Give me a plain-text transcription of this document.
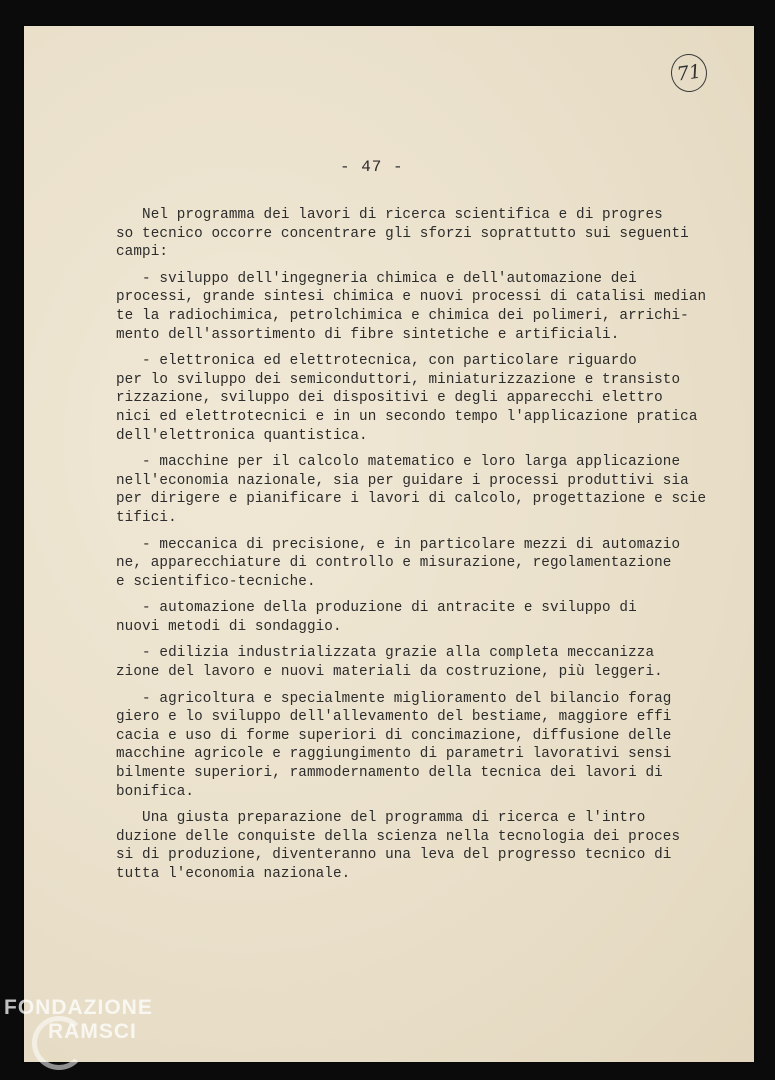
71
- 47 -
Nel programma dei lavori di ricerca scientifica e di progres
so tecnico occorre concentrare gli sforzi soprattutto sui seguenti
campi:
- sviluppo dell'ingegneria chimica e dell'automazione dei
processi, grande sintesi chimica e nuovi processi di catalisi median
te la radiochimica, petrolchimica e chimica dei polimeri, arrichi-
mento dell'assortimento di fibre sintetiche e artificiali.
- elettronica ed elettrotecnica, con particolare riguardo
per lo sviluppo dei semiconduttori, miniaturizzazione e transisto
rizzazione, sviluppo dei dispositivi e degli apparecchi elettro
nici ed elettrotecnici e in un secondo tempo l'applicazione pratica
dell'elettronica quantistica.
- macchine per il calcolo matematico e loro larga applicazione
nell'economia nazionale, sia per guidare i processi produttivi sia
per dirigere e pianificare i lavori di calcolo, progettazione e scie
tifici.
- meccanica di precisione, e in particolare mezzi di automazio
ne, apparecchiature di controllo e misurazione, regolamentazione
e scientifico-tecniche.
- automazione della produzione di antracite e sviluppo di
nuovi metodi di sondaggio.
- edilizia industrializzata grazie alla completa meccanizza
zione del lavoro e nuovi materiali da costruzione, più leggeri.
- agricoltura e specialmente miglioramento del bilancio forag
giero e lo sviluppo dell'allevamento del bestiame, maggiore effi
cacia e uso di forme superiori di concimazione, diffusione delle
macchine agricole e raggiungimento di parametri lavorativi sensi
bilmente superiori, rammodernamento della tecnica dei lavori di
bonifica.
Una giusta preparazione del programma di ricerca e l'intro
duzione delle conquiste della scienza nella tecnologia dei proces
si di produzione, diventeranno una leva del progresso tecnico di
tutta l'economia nazionale.
FONDAZIONE
RAMSCI
